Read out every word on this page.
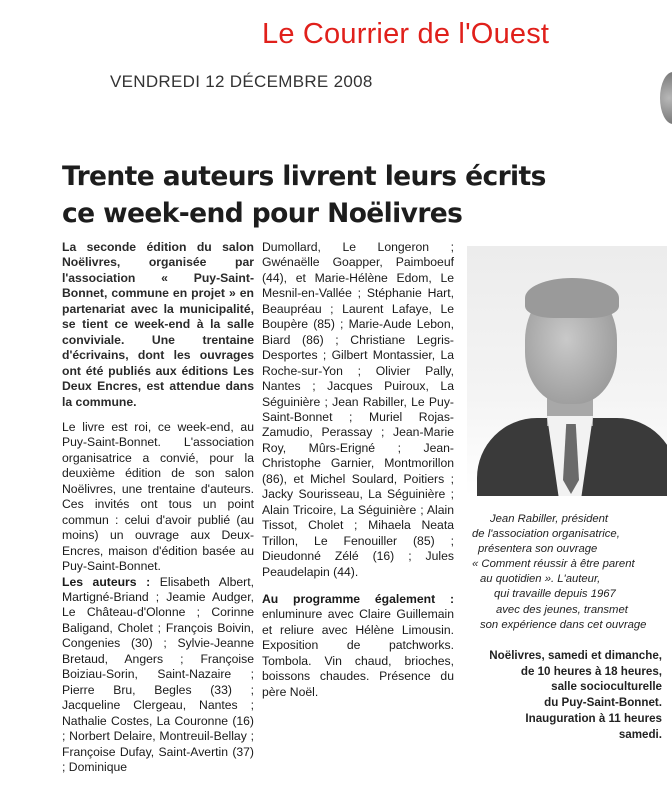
Le Courrier de l'Ouest
VENDREDI 12 DÉCEMBRE 2008
Trente auteurs livrent leurs écrits
ce week-end pour Noëlivres

La seconde édition du salon Noëlivres, organisée par l'association « Puy-Saint-Bonnet, commune en projet » en partenariat avec la municipalité, se tient ce week-end à la salle conviviale. Une trentaine d'écrivains, dont les ouvrages ont été publiés aux éditions Les Deux Encres, est attendue dans la commune.

Le livre est roi, ce week-end, au Puy-Saint-Bonnet. L'association organisatrice a convié, pour la deuxième édition de son salon Noëlivres, une trentaine d'auteurs. Ces invités ont tous un point commun : celui d'avoir publié (au moins) un ouvrage aux Deux-Encres, maison d'édition basée au Puy-Saint-Bonnet.

Les auteurs : Elisabeth Albert, Martigné-Briand ; Jeamie Audger, Le Château-d'Olonne ; Corinne Baligand, Cholet ; François Boivin, Congenies (30) ; Sylvie-Jeanne Bretaud, Angers ; Françoise Boiziau-Sorin, Saint-Nazaire ; Pierre Bru, Begles (33) ; Jacqueline Clergeau, Nantes ; Nathalie Costes, La Couronne (16) ; Norbert Delaire, Montreuil-Bellay ; Françoise Dufay, Saint-Avertin (37) ; Dominique

Dumollard, Le Longeron ; Gwénaëlle Goapper, Paimboeuf (44), et Marie-Hélène Edom, Le Mesnil-en-Vallée ; Stéphanie Hart, Beaupréau ; Laurent Lafaye, Le Boupère (85) ; Marie-Aude Lebon, Biard (86) ; Christiane Legris-Desportes ; Gilbert Montassier, La Roche-sur-Yon ; Olivier Pally, Nantes ; Jacques Puiroux, La Séguinière ; Jean Rabiller, Le Puy-Saint-Bonnet ; Muriel Rojas-Zamudio, Perassay ; Jean-Marie Roy, Mûrs-Erigné ; Jean-Christophe Garnier, Montmorillon (86), et Michel Soulard, Poitiers ; Jacky Sourisseau, La Séguinière ; Alain Tricoire, La Séguinière ; Alain Tissot, Cholet ; Mihaela Neata Trillon, Le Fenouiller (85) ; Dieudonné Zélé (16) ; Jules Peaudelapin (44).

Au programme également : enluminure avec Claire Guillemain et reliure avec Hélène Limousin. Exposition de patchworks. Tombola. Vin chaud, brioches, boissons chaudes. Présence du père Noël.

Jean Rabiller, président
de l'association organisatrice,
présentera son ouvrage
« Comment réussir à être parent
au quotidien ». L'auteur,
qui travaille depuis 1967
avec des jeunes, transmet
son expérience dans cet ouvrage
Noëlivres, samedi et dimanche,
de 10 heures à 18 heures,
salle socioculturelle
du Puy-Saint-Bonnet.
Inauguration à 11 heures
samedi.
